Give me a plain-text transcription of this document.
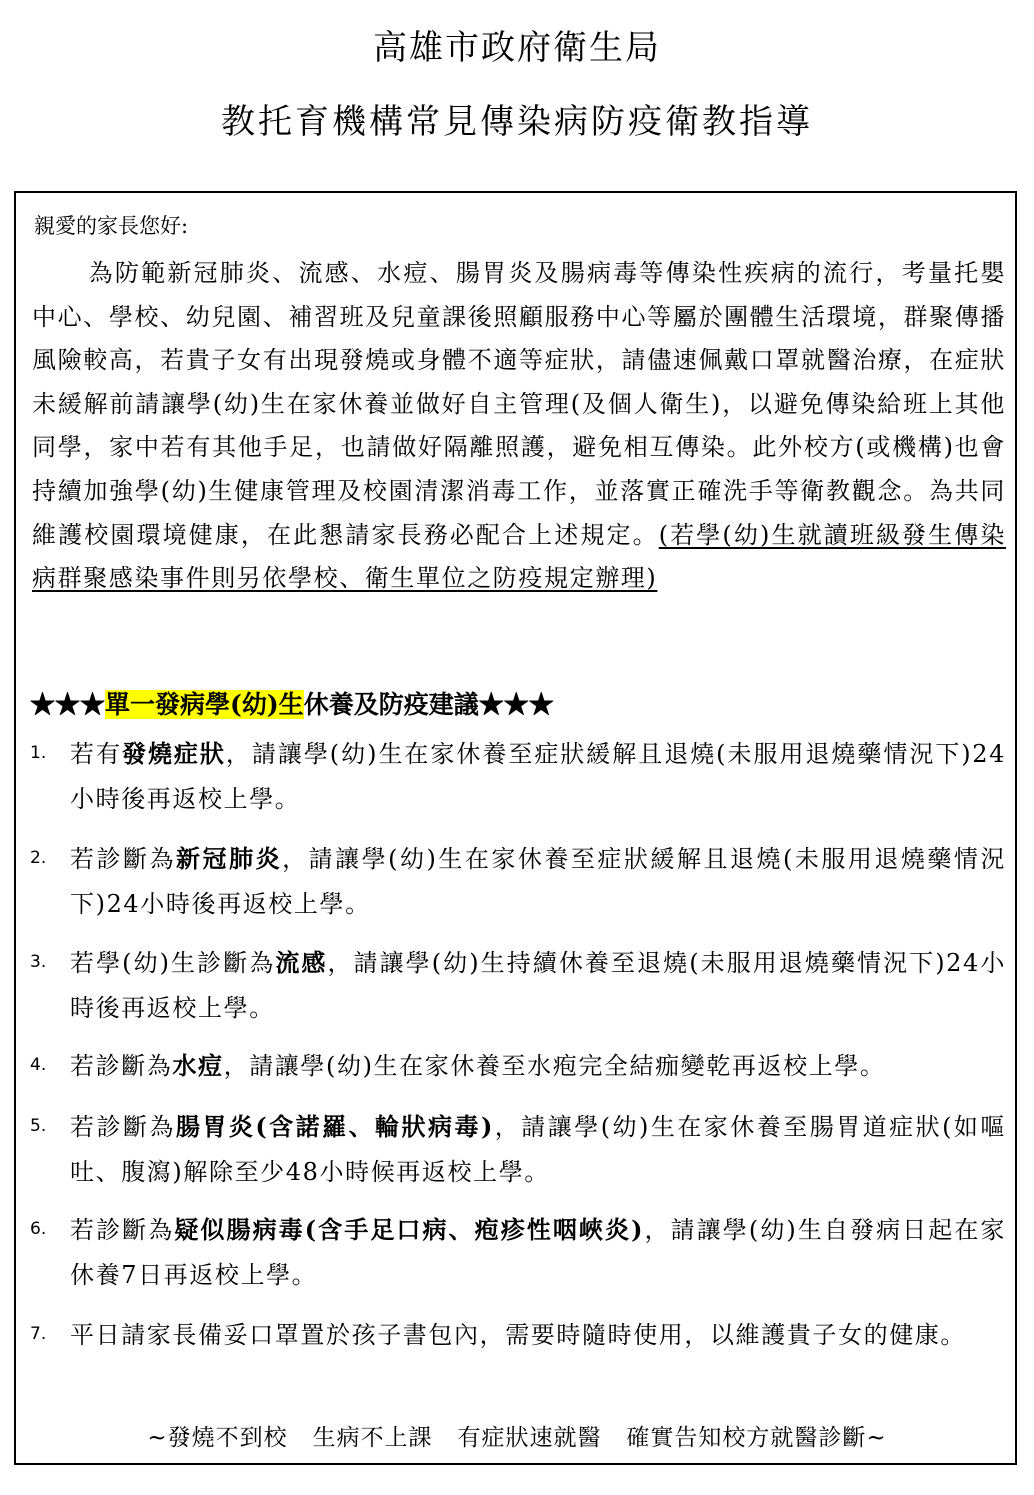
高雄市政府衛生局
教托育機構常見傳染病防疫衛教指導
親愛的家長您好:
為防範新冠肺炎、流感、水痘、腸胃炎及腸病毒等傳染性疾病的流行，考量托嬰中心、學校、幼兒園、補習班及兒童課後照顧服務中心等屬於團體生活環境，群聚傳播風險較高，若貴子女有出現發燒或身體不適等症狀，請儘速佩戴口罩就醫治療，在症狀未緩解前請讓學(幼)生在家休養並做好自主管理(及個人衛生)，以避免傳染給班上其他同學，家中若有其他手足，也請做好隔離照護，避免相互傳染。此外校方(或機構)也會持續加強學(幼)生健康管理及校園清潔消毒工作，並落實正確洗手等衛教觀念。為共同維護校園環境健康，在此懇請家長務必配合上述規定。(若學(幼)生就讀班級發生傳染病群聚感染事件則另依學校、衛生單位之防疫規定辦理)
★★★單一發病學(幼)生休養及防疫建議★★★
1. 若有發燒症狀，請讓學(幼)生在家休養至症狀緩解且退燒(未服用退燒藥情況下)24小時後再返校上學。
2. 若診斷為新冠肺炎，請讓學(幼)生在家休養至症狀緩解且退燒(未服用退燒藥情況下)24小時後再返校上學。
3. 若學(幼)生診斷為流感，請讓學(幼)生持續休養至退燒(未服用退燒藥情況下)24小時後再返校上學。
4. 若診斷為水痘，請讓學(幼)生在家休養至水疱完全結痂變乾再返校上學。
5. 若診斷為腸胃炎(含諾羅、輪狀病毒)，請讓學(幼)生在家休養至腸胃道症狀(如嘔吐、腹瀉)解除至少48小時候再返校上學。
6. 若診斷為疑似腸病毒(含手足口病、疱疹性咽峽炎)，請讓學(幼)生自發病日起在家休養7日再返校上學。
7. 平日請家長備妥口罩置於孩子書包內，需要時隨時使用，以維護貴子女的健康。
~發燒不到校   生病不上課   有症狀速就醫   確實告知校方就醫診斷~
